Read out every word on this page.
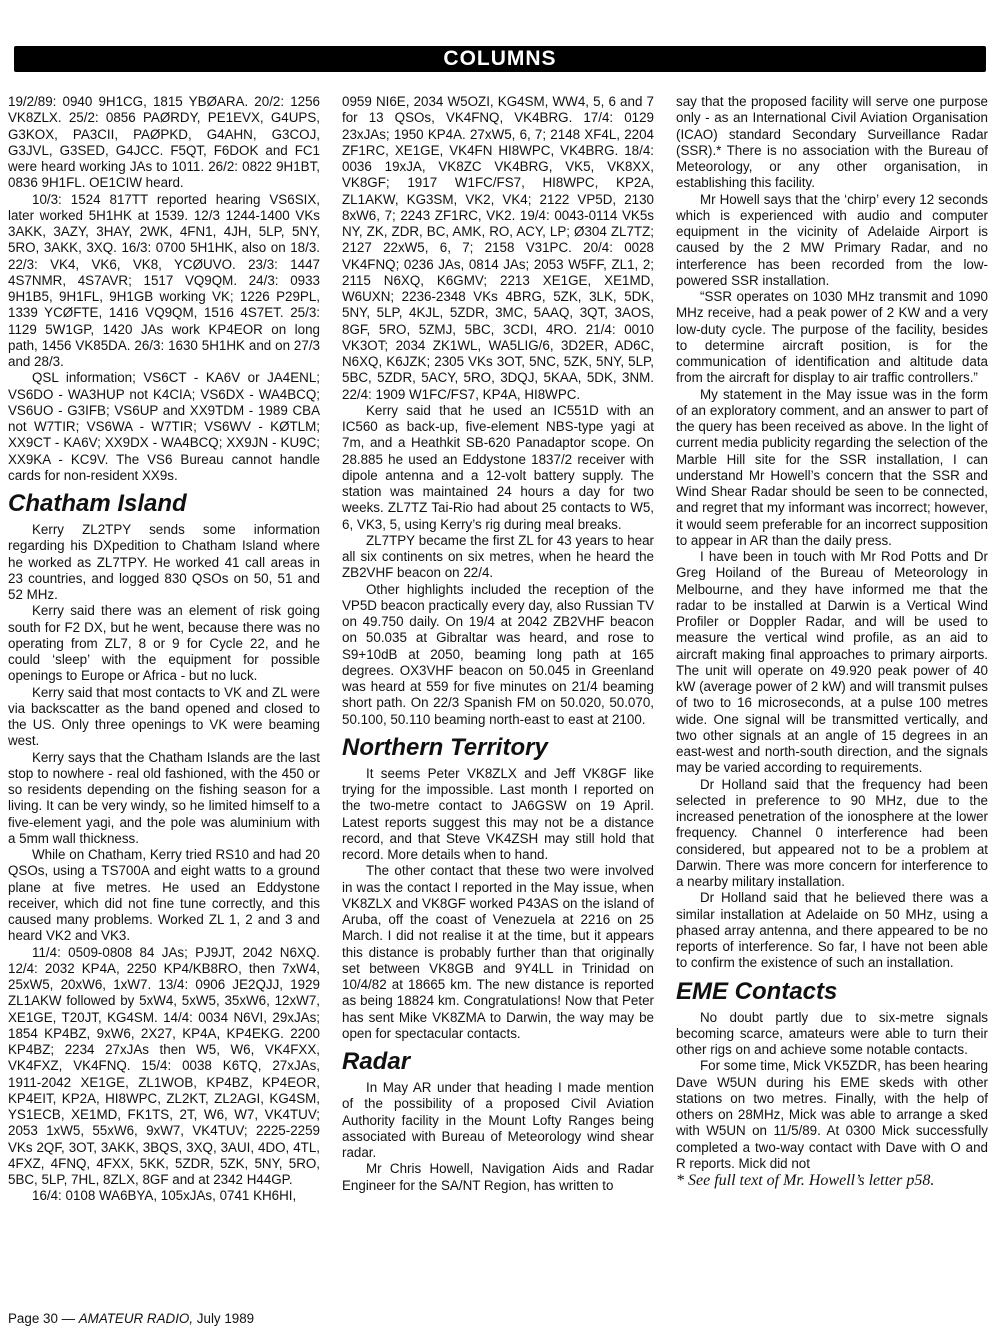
COLUMNS

19/2/89: 0940 9H1CG, 1815 YBØARA. 20/2: 1256 VK8ZLX. 25/2: 0856 PAØRDY, PE1EVX, G4UPS, G3KOX, PA3CII, PAØPKD, G4AHN, G3COJ, G3JVL, G3SED, G4JCC. F5QT, F6DOK and FC1 were heard working JAs to 1011. 26/2: 0822 9H1BT, 0836 9H1FL. OE1CIW heard.

10/3: 1524 817TT reported hearing VS6SIX, later worked 5H1HK at 1539. 12/3 1244-1400 VKs 3AKK, 3AZY, 3HAY, 2WK, 4FN1, 4JH, 5LP, 5NY, 5RO, 3AKK, 3XQ. 16/3: 0700 5H1HK, also on 18/3. 22/3: VK4, VK6, VK8, YCØUVO. 23/3: 1447 4S7NMR, 4S7AVR; 1517 VQ9QM. 24/3: 0933 9H1B5, 9H1FL, 9H1GB working VK; 1226 P29PL, 1339 YCØFTE, 1416 VQ9QM, 1516 4S7ET. 25/3: 1129 5W1GP, 1420 JAs work KP4EOR on long path, 1456 VK85DA. 26/3: 1630 5H1HK and on 27/3 and 28/3.

QSL information; VS6CT - KA6V or JA4ENL; VS6DO - WA3HUP not K4CIA; VS6DX - WA4BCQ; VS6UO - G3IFB; VS6UP and XX9TDM - 1989 CBA not W7TIR; VS6WA - W7TIR; VS6WV - KØTLM; XX9CT - KA6V; XX9DX - WA4BCQ; XX9JN - KU9C; XX9KA - KC9V. The VS6 Bureau cannot handle cards for non-resident XX9s.

Chatham Island

Kerry ZL2TPY sends some information regarding his DXpedition to Chatham Island where he worked as ZL7TPY. He worked 41 call areas in 23 countries, and logged 830 QSOs on 50, 51 and 52 MHz.

Kerry said there was an element of risk going south for F2 DX, but he went, because there was no operating from ZL7, 8 or 9 for Cycle 22, and he could ‘sleep’ with the equipment for possible openings to Europe or Africa - but no luck.

Kerry said that most contacts to VK and ZL were via backscatter as the band opened and closed to the US. Only three openings to VK were beaming west.

Kerry says that the Chatham Islands are the last stop to nowhere - real old fashioned, with the 450 or so residents depending on the fishing season for a living. It can be very windy, so he limited himself to a five-element yagi, and the pole was aluminium with a 5mm wall thickness.

While on Chatham, Kerry tried RS10 and had 20 QSOs, using a TS700A and eight watts to a ground plane at five metres. He used an Eddystone receiver, which did not fine tune correctly, and this caused many problems. Worked ZL 1, 2 and 3 and heard VK2 and VK3.

11/4: 0509-0808 84 JAs; PJ9JT, 2042 N6XQ. 12/4: 2032 KP4A, 2250 KP4/KB8RO, then 7xW4, 25xW5, 20xW6, 1xW7. 13/4: 0906 JE2QJJ, 1929 ZL1AKW followed by 5xW4, 5xW5, 35xW6, 12xW7, XE1GE, T20JT, KG4SM. 14/4: 0034 N6VI, 29xJAs; 1854 KP4BZ, 9xW6, 2X27, KP4A, KP4EKG. 2200 KP4BZ; 2234 27xJAs then W5, W6, VK4FXX, VK4FXZ, VK4FNQ. 15/4: 0038 K6TQ, 27xJAs, 1911-2042 XE1GE, ZL1WOB, KP4BZ, KP4EOR, KP4EIT, KP2A, HI8WPC, ZL2KT, ZL2AGI, KG4SM, YS1ECB, XE1MD, FK1TS, 2T, W6, W7, VK4TUV; 2053 1xW5, 55xW6, 9xW7, VK4TUV; 2225-2259 VKs 2QF, 3OT, 3AKK, 3BQS, 3XQ, 3AUI, 4DO, 4TL, 4FXZ, 4FNQ, 4FXX, 5KK, 5ZDR, 5ZK, 5NY, 5RO, 5BC, 5LP, 7HL, 8ZLX, 8GF and at 2342 H44GP.

16/4: 0108 WA6BYA, 105xJAs, 0741 KH6HI,

0959 NI6E, 2034 W5OZI, KG4SM, WW4, 5, 6 and 7 for 13 QSOs, VK4FNQ, VK4BRG. 17/4: 0129 23xJAs; 1950 KP4A. 27xW5, 6, 7; 2148 XF4L, 2204 ZF1RC, XE1GE, VK4FN HI8WPC, VK4BRG. 18/4: 0036 19xJA, VK8ZC VK4BRG, VK5, VK8XX, VK8GF; 1917 W1FC/FS7, HI8WPC, KP2A, ZL1AKW, KG3SM, VK2, VK4; 2122 VP5D, 2130 8xW6, 7; 2243 ZF1RC, VK2. 19/4: 0043-0114 VK5s NY, ZK, ZDR, BC, AMK, RO, ACY, LP; Ø304 ZL7TZ; 2127 22xW5, 6, 7; 2158 V31PC. 20/4: 0028 VK4FNQ; 0236 JAs, 0814 JAs; 2053 W5FF, ZL1, 2; 2115 N6XQ, K6GMV; 2213 XE1GE, XE1MD, W6UXN; 2236-2348 VKs 4BRG, 5ZK, 3LK, 5DK, 5NY, 5LP, 4KJL, 5ZDR, 3MC, 5AAQ, 3QT, 3AOS, 8GF, 5RO, 5ZMJ, 5BC, 3CDI, 4RO. 21/4: 0010 VK3OT; 2034 ZK1WL, WA5LIG/6, 3D2ER, AD6C, N6XQ, K6JZK; 2305 VKs 3OT, 5NC, 5ZK, 5NY, 5LP, 5BC, 5ZDR, 5ACY, 5RO, 3DQJ, 5KAA, 5DK, 3NM. 22/4: 1909 W1FC/FS7, KP4A, HI8WPC.

Kerry said that he used an IC551D with an IC560 as back-up, five-element NBS-type yagi at 7m, and a Heathkit SB-620 Panadaptor scope. On 28.885 he used an Eddystone 1837/2 receiver with dipole antenna and a 12-volt battery supply. The station was maintained 24 hours a day for two weeks. ZL7TZ Tai-Rio had about 25 contacts to W5, 6, VK3, 5, using Kerry’s rig during meal breaks.

ZL7TPY became the first ZL for 43 years to hear all six continents on six metres, when he heard the ZB2VHF beacon on 22/4.

Other highlights included the reception of the VP5D beacon practically every day, also Russian TV on 49.750 daily. On 19/4 at 2042 ZB2VHF beacon on 50.035 at Gibraltar was heard, and rose to S9+10dB at 2050, beaming long path at 165 degrees. OX3VHF beacon on 50.045 in Greenland was heard at 559 for five minutes on 21/4 beaming short path. On 22/3 Spanish FM on 50.020, 50.070, 50.100, 50.110 beaming north-east to east at 2100.

Northern Territory

It seems Peter VK8ZLX and Jeff VK8GF like trying for the impossible. Last month I reported on the two-metre contact to JA6GSW on 19 April. Latest reports suggest this may not be a distance record, and that Steve VK4ZSH may still hold that record. More details when to hand.

The other contact that these two were involved in was the contact I reported in the May issue, when VK8ZLX and VK8GF worked P43AS on the island of Aruba, off the coast of Venezuela at 2216 on 25 March. I did not realise it at the time, but it appears this distance is probably further than that originally set between VK8GB and 9Y4LL in Trinidad on 10/4/82 at 18665 km. The new distance is reported as being 18824 km. Congratulations! Now that Peter has sent Mike VK8ZMA to Darwin, the way may be open for spectacular contacts.

Radar

In May AR under that heading I made mention of the possibility of a proposed Civil Aviation Authority facility in the Mount Lofty Ranges being associated with Bureau of Meteorology wind shear radar.

Mr Chris Howell, Navigation Aids and Radar Engineer for the SA/NT Region, has written to

say that the proposed facility will serve one purpose only - as an International Civil Aviation Organisation (ICAO) standard Secondary Surveillance Radar (SSR).* There is no association with the Bureau of Meteorology, or any other organisation, in establishing this facility.

Mr Howell says that the ‘chirp’ every 12 seconds which is experienced with audio and computer equipment in the vicinity of Adelaide Airport is caused by the 2 MW Primary Radar, and no interference has been recorded from the low-powered SSR installation.

“SSR operates on 1030 MHz transmit and 1090 MHz receive, had a peak power of 2 KW and a very low-duty cycle. The purpose of the facility, besides to determine aircraft position, is for the communication of identification and altitude data from the aircraft for display to air traffic controllers.”

My statement in the May issue was in the form of an exploratory comment, and an answer to part of the query has been received as above. In the light of current media publicity regarding the selection of the Marble Hill site for the SSR installation, I can understand Mr Howell’s concern that the SSR and Wind Shear Radar should be seen to be connected, and regret that my informant was incorrect; however, it would seem preferable for an incorrect supposition to appear in AR than the daily press.

I have been in touch with Mr Rod Potts and Dr Greg Hoiland of the Bureau of Meteorology in Melbourne, and they have informed me that the radar to be installed at Darwin is a Vertical Wind Profiler or Doppler Radar, and will be used to measure the vertical wind profile, as an aid to aircraft making final approaches to primary airports. The unit will operate on 49.920 peak power of 40 kW (average power of 2 kW) and will transmit pulses of two to 16 microseconds, at a pulse 100 metres wide. One signal will be transmitted vertically, and two other signals at an angle of 15 degrees in an east-west and north-south direction, and the signals may be varied according to requirements.

Dr Holland said that the frequency had been selected in preference to 90 MHz, due to the increased penetration of the ionosphere at the lower frequency. Channel 0 interference had been considered, but appeared not to be a problem at Darwin. There was more concern for interference to a nearby military installation.

Dr Holland said that he believed there was a similar installation at Adelaide on 50 MHz, using a phased array antenna, and there appeared to be no reports of interference. So far, I have not been able to confirm the existence of such an installation.

EME Contacts

No doubt partly due to six-metre signals becoming scarce, amateurs were able to turn their other rigs on and achieve some notable contacts.

For some time, Mick VK5ZDR, has been hearing Dave W5UN during his EME skeds with other stations on two metres. Finally, with the help of others on 28MHz, Mick was able to arrange a sked with W5UN on 11/5/89. At 0300 Mick successfully completed a two-way contact with Dave with O and R reports. Mick did not

* See full text of Mr. Howell’s letter p58.

Page 30 — AMATEUR RADIO, July 1989
